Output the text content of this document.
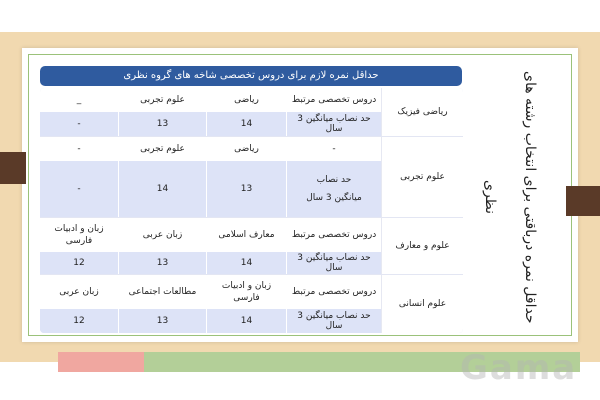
حداقل نمره درباقتی برای انتخاب رشته های نظری
حداقل نمره لازم برای دروس تخصصی شاخه های گروه نظری
ریاضی فیزیک
دروس تخصصی مرتبط
ریاضی
علوم تجربی
_
حد نصاب میانگین 3 سال
14
13
-
علوم تجربی
-
ریاضی
علوم تجربی
-
حد نصاب
میانگین 3 سال
13
14
-
علوم و معارف
دروس تخصصی مرتبط
معارف اسلامی
زبان عربی
زبان و ادبیات
فارسی
حد نصاب میانگین 3 سال
14
13
12
علوم انسانی
دروس تخصصی مرتبط
زبان و ادبیات
فارسی
مطالعات اجتماعی
زبان عربی
حد نصاب میانگین 3 سال
14
13
12
Gama
